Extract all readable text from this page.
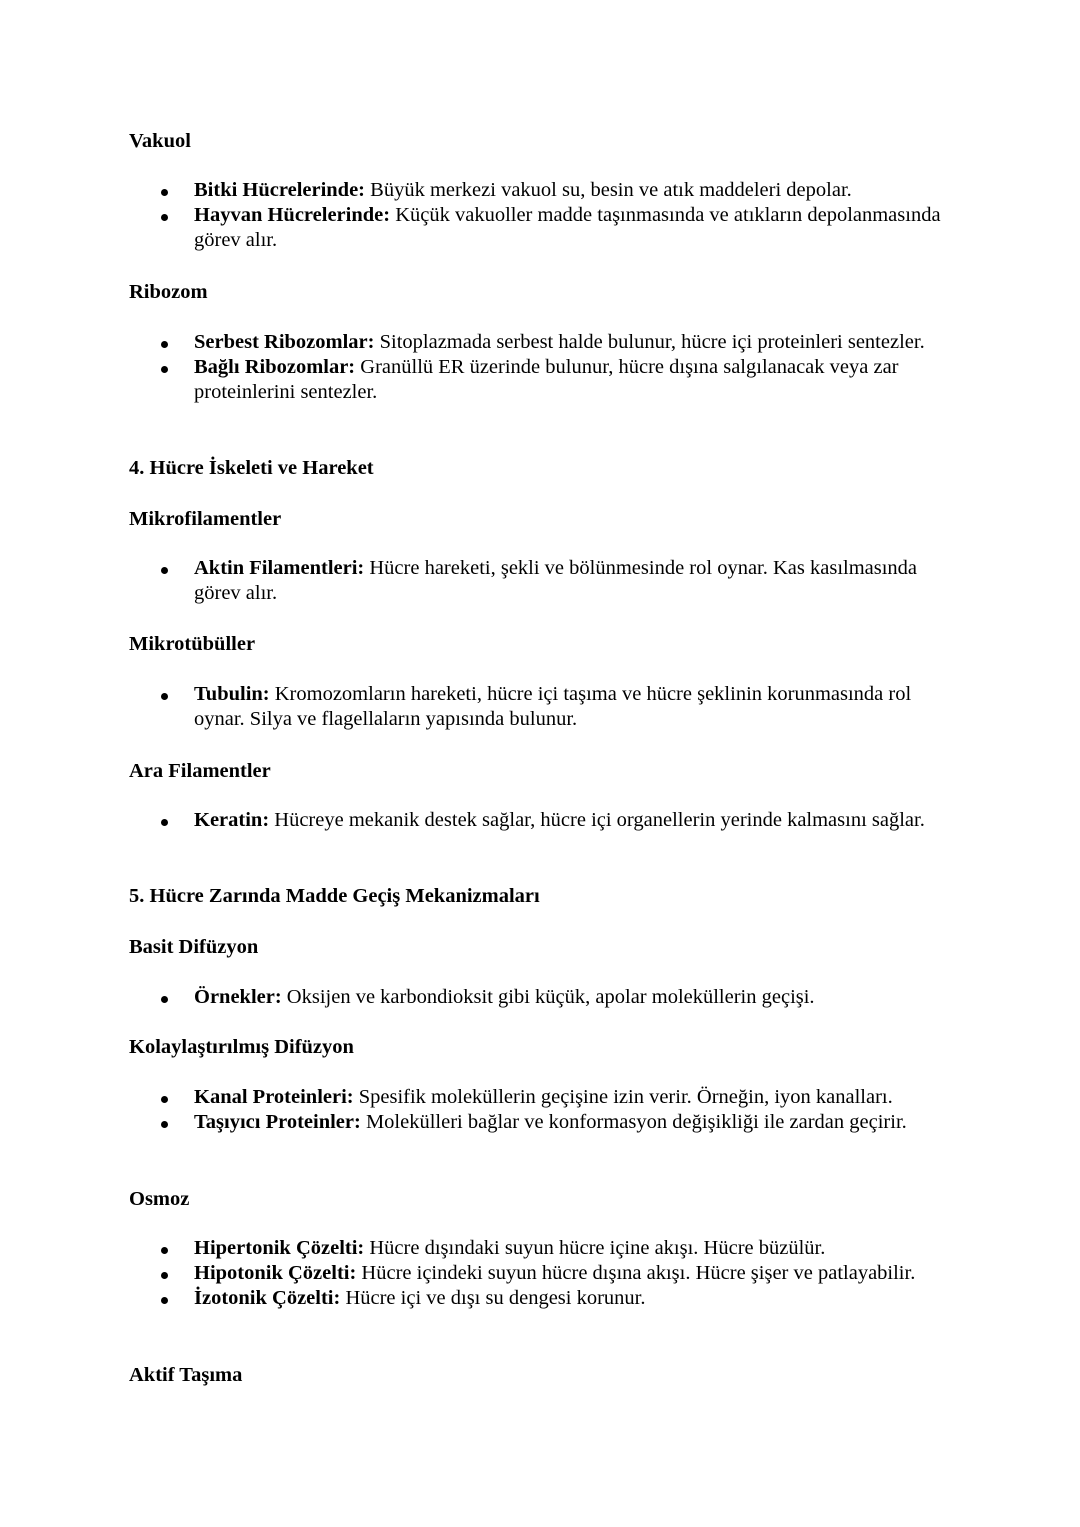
Vakuol
Bitki Hücrelerinde: Büyük merkezi vakuol su, besin ve atık maddeleri depolar.
Hayvan Hücrelerinde: Küçük vakuoller madde taşınmasında ve atıkların depolanmasında görev alır.
Ribozom
Serbest Ribozomlar: Sitoplazmada serbest halde bulunur, hücre içi proteinleri sentezler.
Bağlı Ribozomlar: Granüllü ER üzerinde bulunur, hücre dışına salgılanacak veya zar proteinlerini sentezler.
4. Hücre İskeleti ve Hareket
Mikrofilamentler
Aktin Filamentleri: Hücre hareketi, şekli ve bölünmesinde rol oynar. Kas kasılmasında görev alır.
Mikrotübüller
Tubulin: Kromozomların hareketi, hücre içi taşıma ve hücre şeklinin korunmasında rol oynar. Silya ve flagellaların yapısında bulunur.
Ara Filamentler
Keratin: Hücreye mekanik destek sağlar, hücre içi organellerin yerinde kalmasını sağlar.
5. Hücre Zarında Madde Geçiş Mekanizmaları
Basit Difüzyon
Örnekler: Oksijen ve karbondioksit gibi küçük, apolar moleküllerin geçişi.
Kolaylaştırılmış Difüzyon
Kanal Proteinleri: Spesifik moleküllerin geçişine izin verir. Örneğin, iyon kanalları.
Taşıyıcı Proteinler: Molekülleri bağlar ve konformasyon değişikliği ile zardan geçirir.
Osmoz
Hipertonik Çözelti: Hücre dışındaki suyun hücre içine akışı. Hücre büzülür.
Hipotonik Çözelti: Hücre içindeki suyun hücre dışına akışı. Hücre şişer ve patlayabilir.
İzotonik Çözelti: Hücre içi ve dışı su dengesi korunur.
Aktif Taşıma
